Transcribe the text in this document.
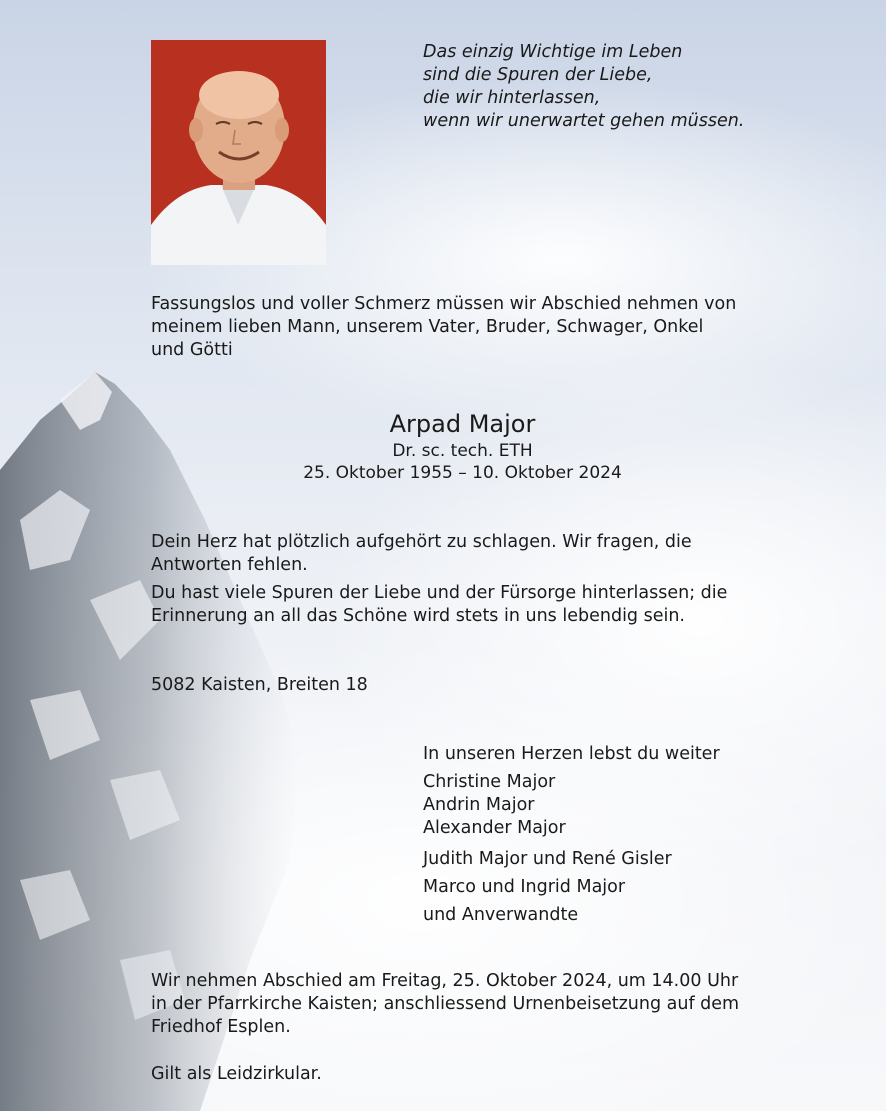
Das einzig Wichtige im Leben
sind die Spuren der Liebe,
die wir hinterlassen,
wenn wir unerwartet gehen müssen.
Fassungslos und voller Schmerz müssen wir Abschied nehmen von
meinem lieben Mann, unserem Vater, Bruder, Schwager, Onkel
und Götti
Arpad Major
Dr. sc. tech. ETH
25. Oktober 1955 – 10. Oktober 2024
Dein Herz hat plötzlich aufgehört zu schlagen. Wir fragen, die
Antworten fehlen.
Du hast viele Spuren der Liebe und der Fürsorge hinterlassen; die
Erinnerung an all das Schöne wird stets in uns lebendig sein.
5082 Kaisten, Breiten 18
In unseren Herzen lebst du weiter
Christine Major
Andrin Major
Alexander Major
Judith Major und René Gisler
Marco und Ingrid Major
und Anverwandte
Wir nehmen Abschied am Freitag, 25. Oktober 2024, um 14.00 Uhr
in der Pfarrkirche Kaisten; anschliessend Urnenbeisetzung auf dem
Friedhof Esplen.
Gilt als Leidzirkular.
